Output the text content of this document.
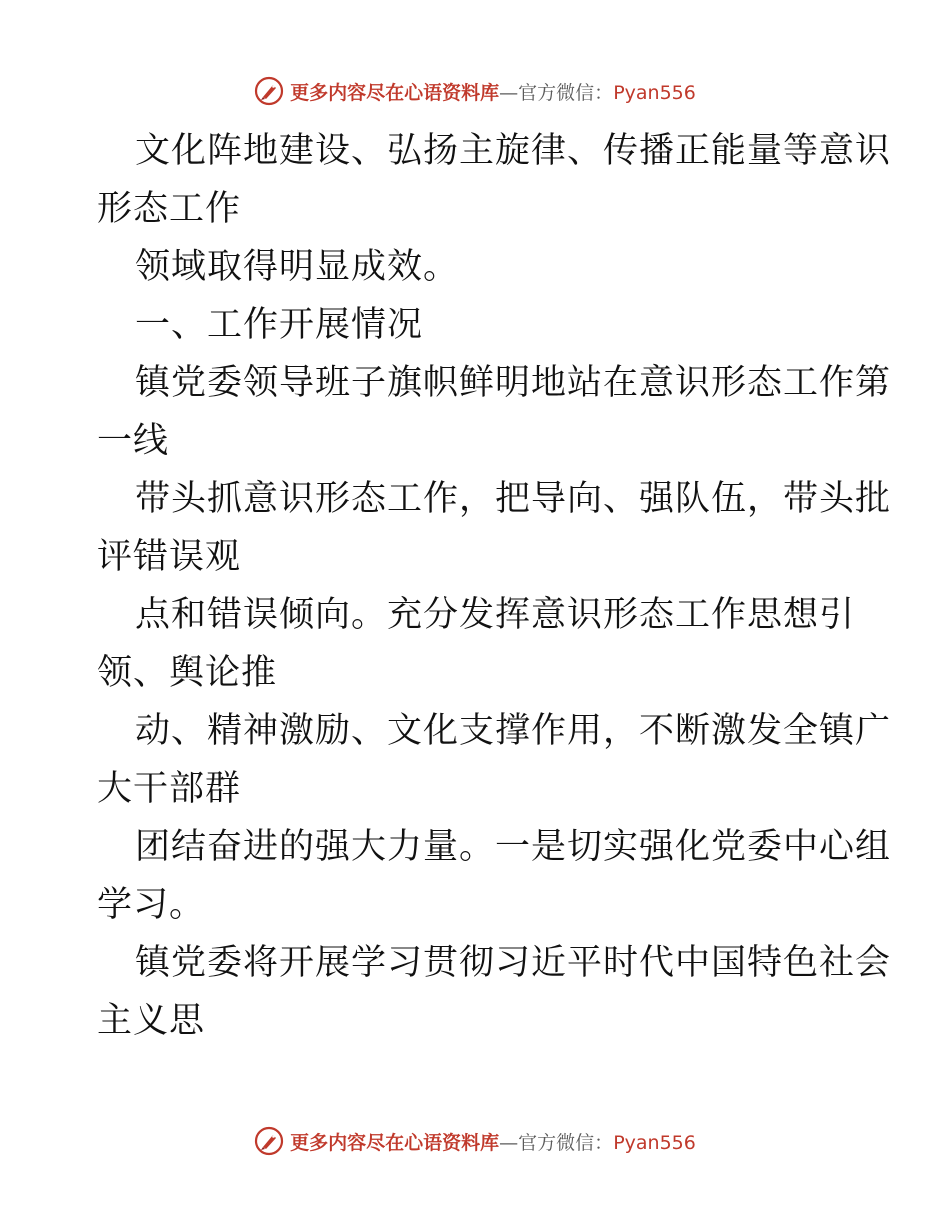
更多内容尽在心语资料库—官方微信：Pyan556
文化阵地建设、弘扬主旋律、传播正能量等意识
形态工作
领域取得明显成效。
一、工作开展情况
镇党委领导班子旗帜鲜明地站在意识形态工作第
一线
带头抓意识形态工作，把导向、强队伍，带头批
评错误观
点和错误倾向。充分发挥意识形态工作思想引
领、舆论推
动、精神激励、文化支撑作用，不断激发全镇广
大干部群
团结奋进的强大力量。一是切实强化党委中心组
学习。
镇党委将开展学习贯彻习近平时代中国特色社会
主义思
更多内容尽在心语资料库—官方微信：Pyan556
